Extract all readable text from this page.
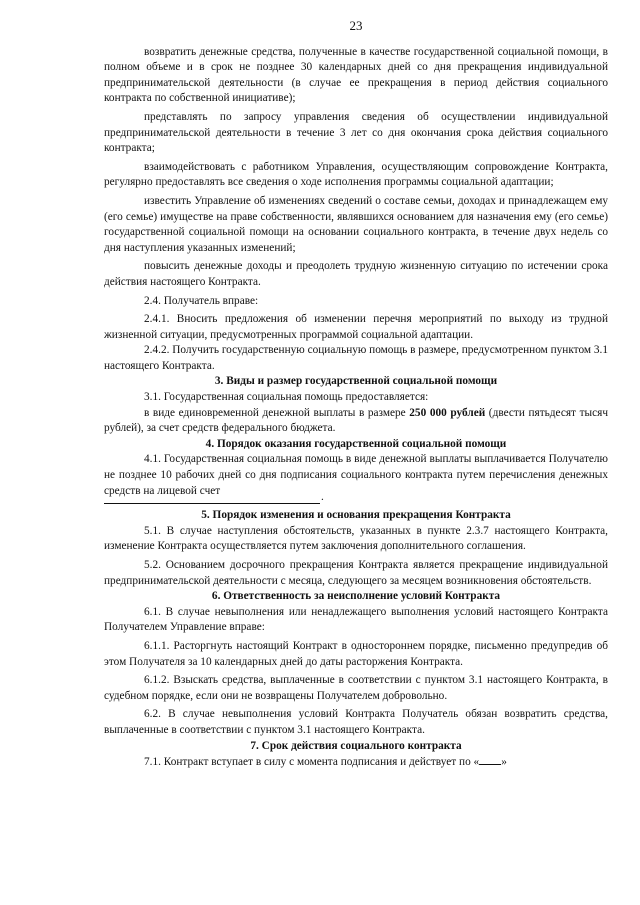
23

возвратить денежные средства, полученные в качестве государственной социальной помощи, в полном объеме и в срок не позднее 30 календарных дней со дня прекращения индивидуальной предпринимательской деятельности (в случае ее прекращения в период действия социального контракта по собственной инициативе);

представлять по запросу управления сведения об осуществлении индивидуальной предпринимательской деятельности в течение 3 лет со дня окончания срока действия социального контракта;

взаимодействовать с работником Управления, осуществляющим сопровождение Контракта, регулярно предоставлять все сведения о ходе исполнения программы социальной адаптации;

известить Управление об изменениях сведений о составе семьи, доходах и принадлежащем ему (его семье) имуществе на праве собственности, являвшихся основанием для назначения ему (его семье) государственной социальной помощи на основании социального контракта, в течение двух недель со дня наступления указанных изменений;

повысить денежные доходы и преодолеть трудную жизненную ситуацию по истечении срока действия настоящего Контракта.

2.4. Получатель вправе:

2.4.1. Вносить предложения об изменении перечня мероприятий по выходу из трудной жизненной ситуации, предусмотренных программой социальной адаптации.

2.4.2. Получить государственную социальную помощь в размере, предусмотренном пунктом 3.1 настоящего Контракта.

3. Виды и размер государственной социальной помощи

3.1. Государственная социальная помощь предоставляется:

в виде единовременной денежной выплаты в размере 250 000 рублей (двести пятьдесят тысяч рублей), за счет средств федерального бюджета.

4. Порядок оказания государственной социальной помощи

4.1. Государственная социальная помощь в виде денежной выплаты выплачивается Получателю не позднее 10 рабочих дней со дня подписания социального контракта путем перечисления денежных средств на лицевой счет

.

5. Порядок изменения и основания прекращения Контракта

5.1. В случае наступления обстоятельств, указанных в пункте 2.3.7 настоящего Контракта, изменение Контракта осуществляется путем заключения дополнительного соглашения.

5.2. Основанием досрочного прекращения Контракта является прекращение индивидуальной предпринимательской деятельности с месяца, следующего за месяцем возникновения обстоятельств.

6. Ответственность за неисполнение условий Контракта

6.1. В случае невыполнения или ненадлежащего выполнения условий настоящего Контракта Получателем Управление вправе:

6.1.1. Расторгнуть настоящий Контракт в одностороннем порядке, письменно предупредив об этом Получателя за 10 календарных дней до даты расторжения Контракта.

6.1.2. Взыскать средства, выплаченные в соответствии с пунктом 3.1 настоящего Контракта, в судебном порядке, если они не возвращены Получателем добровольно.

6.2. В случае невыполнения условий Контракта Получатель обязан возвратить средства, выплаченные в соответствии с пунктом 3.1 настоящего Контракта.

7. Срок действия социального контракта

7.1. Контракт вступает в силу с момента подписания и действует по « »
